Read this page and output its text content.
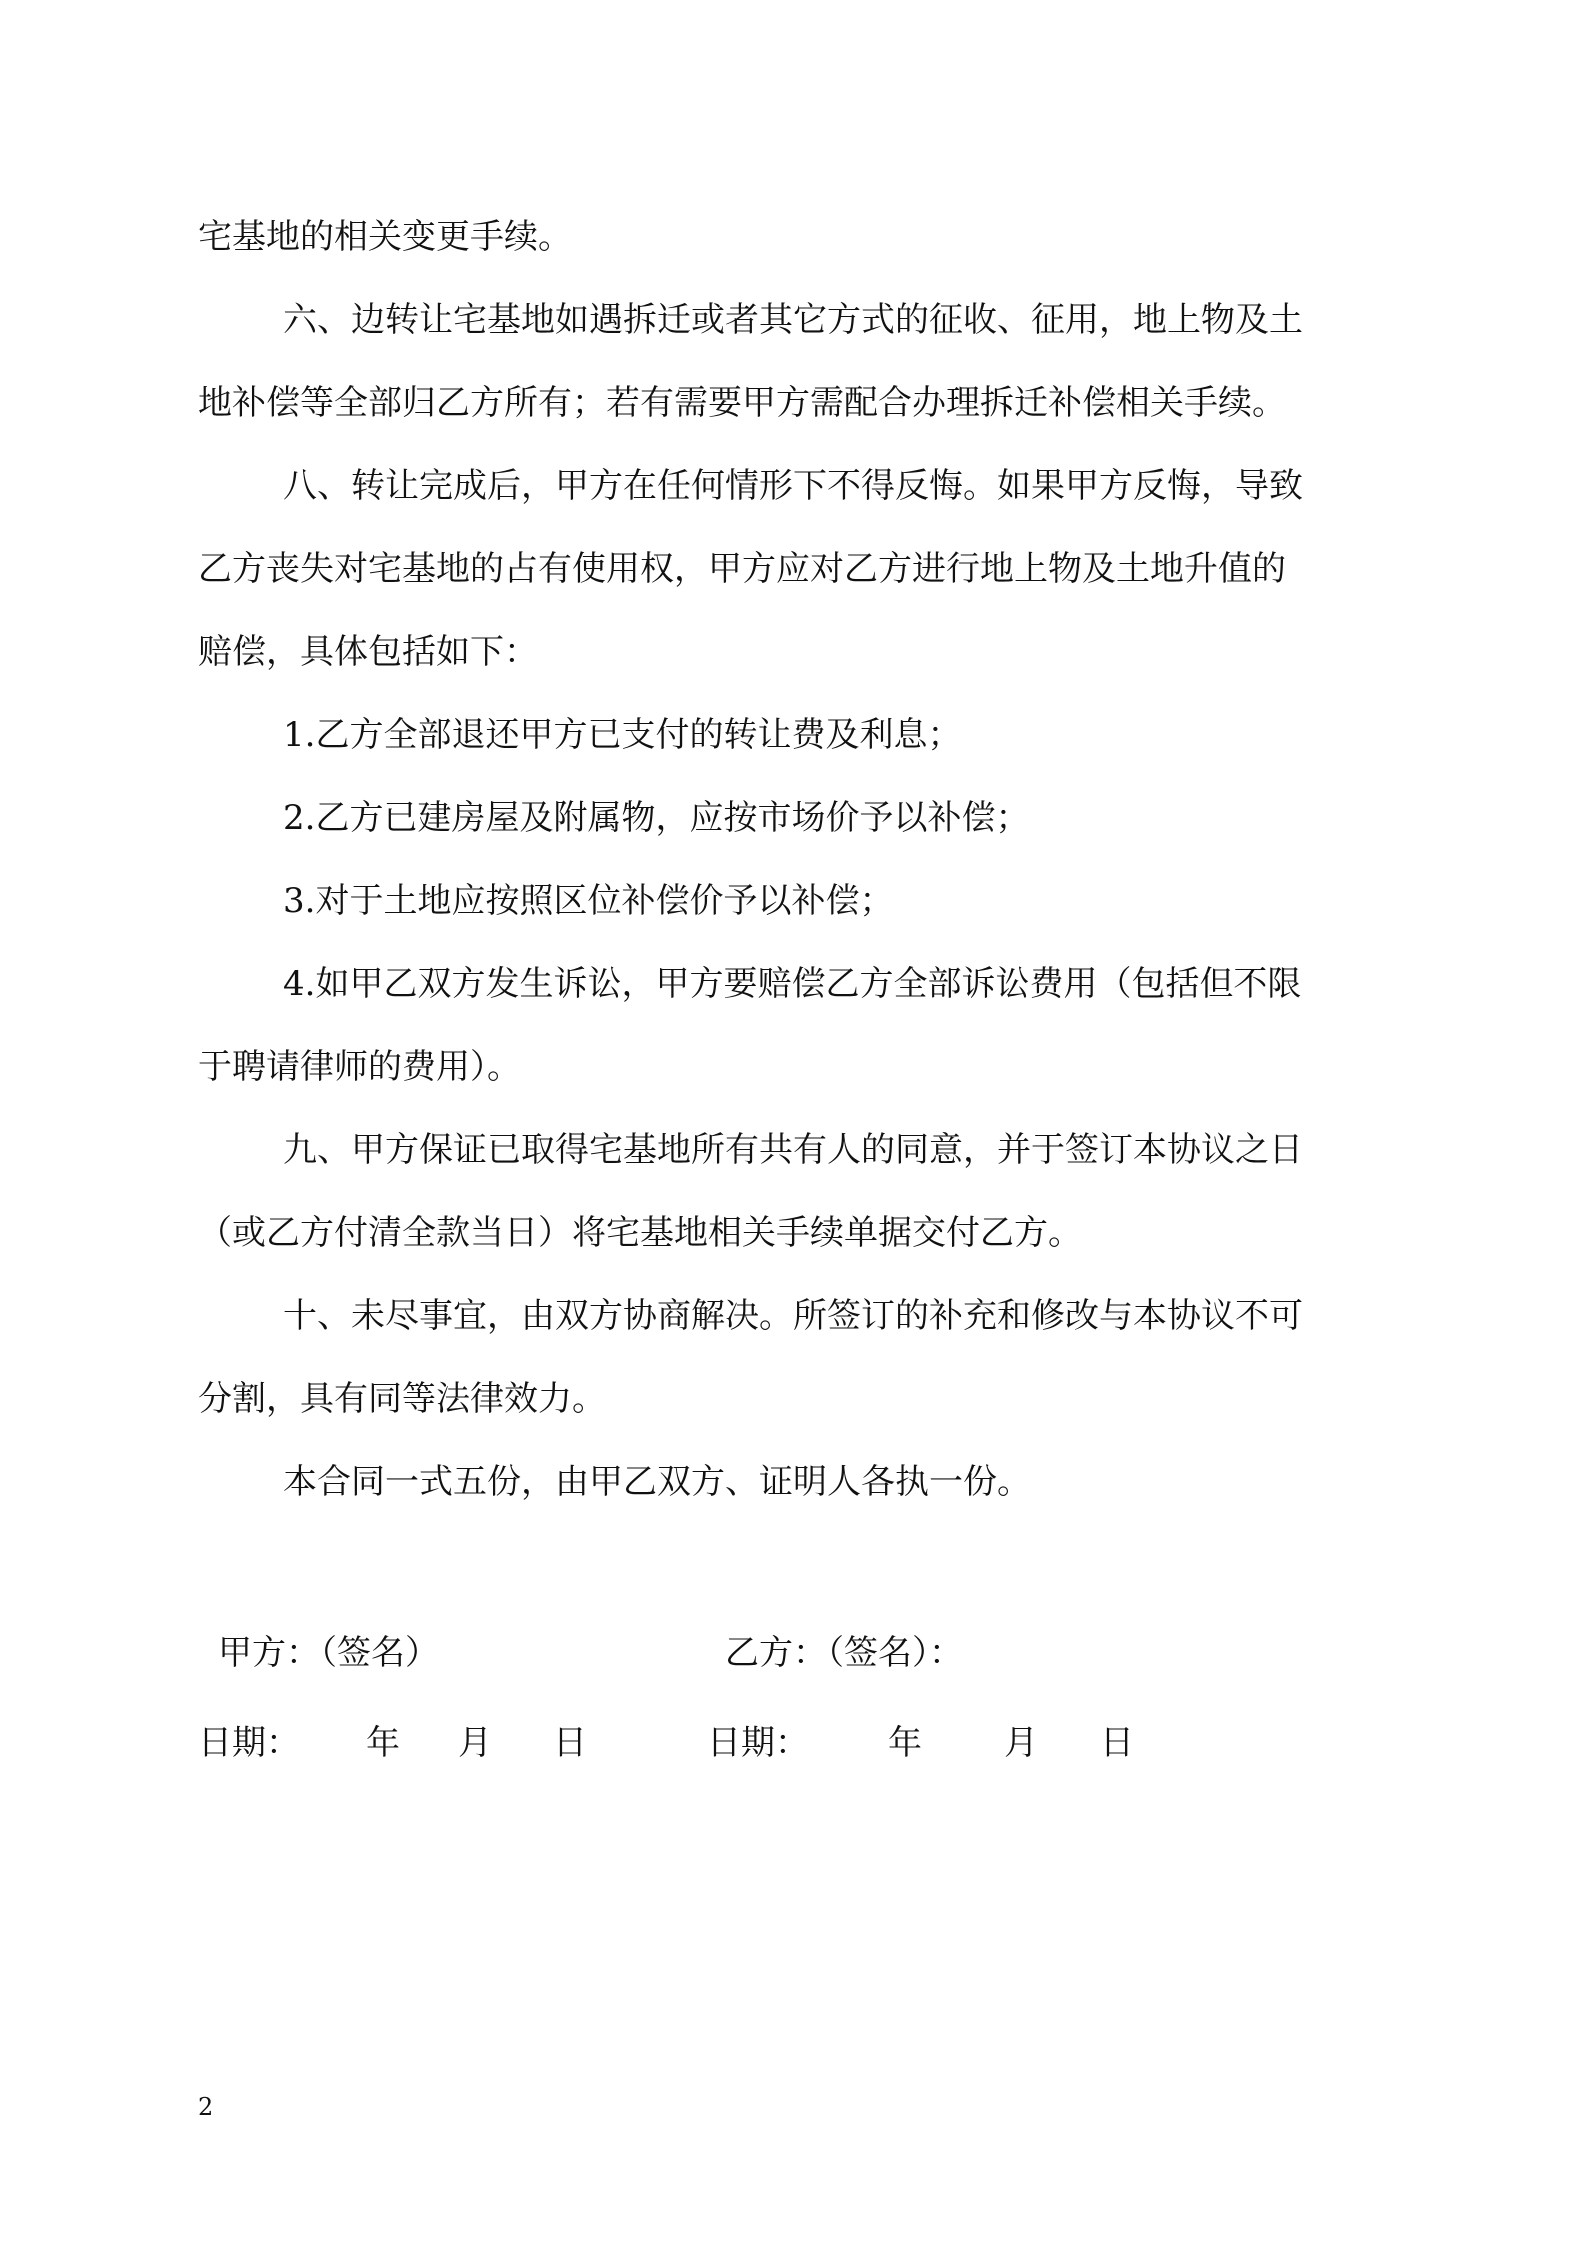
宅基地的相关变更手续。
六、边转让宅基地如遇拆迁或者其它方式的征收、征用，地上物及土
地补偿等全部归乙方所有；若有需要甲方需配合办理拆迁补偿相关手续。
八、转让完成后，甲方在任何情形下不得反悔。如果甲方反悔，导致
乙方丧失对宅基地的占有使用权，甲方应对乙方进行地上物及土地升值的
赔偿，具体包括如下：
1.乙方全部退还甲方已支付的转让费及利息；
2.乙方已建房屋及附属物，应按市场价予以补偿；
3.对于土地应按照区位补偿价予以补偿；
4.如甲乙双方发生诉讼，甲方要赔偿乙方全部诉讼费用（包括但不限
于聘请律师的费用）。
九、甲方保证已取得宅基地所有共有人的同意，并于签订本协议之日
（或乙方付清全款当日）将宅基地相关手续单据交付乙方。
十、未尽事宜，由双方协商解决。所签订的补充和修改与本协议不可
分割，具有同等法律效力。
本合同一式五份，由甲乙双方、证明人各执一份。
甲方：（签名）	乙方：（签名）：
日期： 年 月 日	日期： 年 月 日
2
